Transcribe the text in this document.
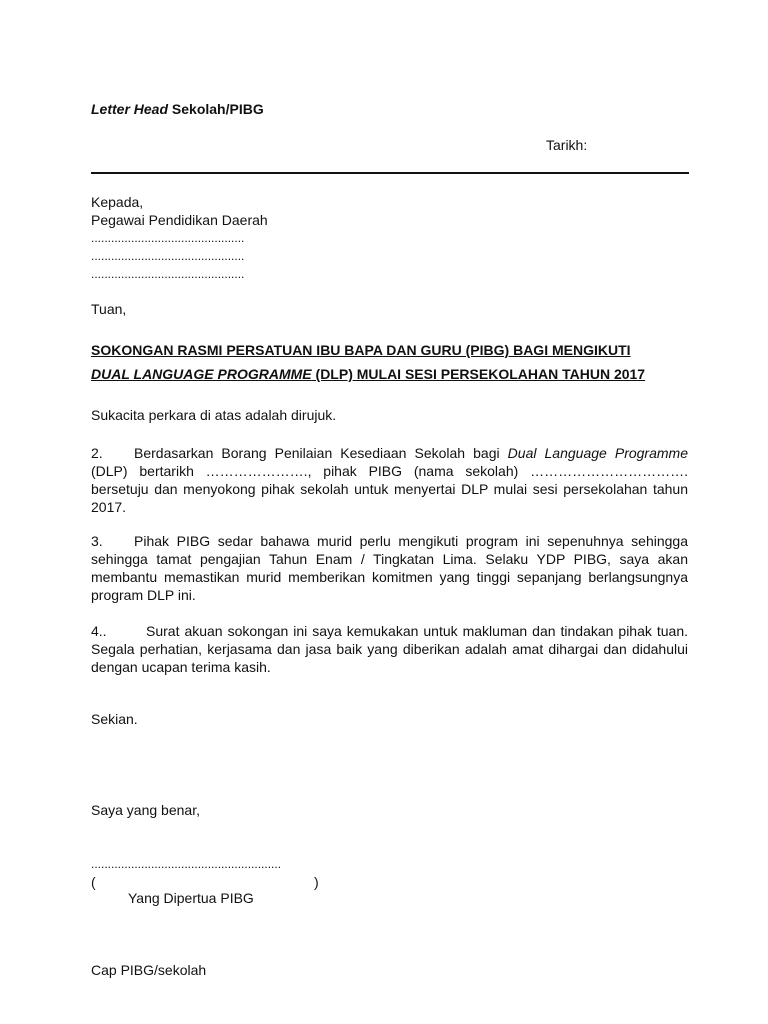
Letter Head Sekolah/PIBG
Tarikh:
Kepada,
Pegawai Pendidikan Daerah
..............................................
..............................................
..............................................
Tuan,
SOKONGAN RASMI PERSATUAN IBU BAPA DAN GURU (PIBG) BAGI MENGIKUTI
DUAL LANGUAGE PROGRAMME (DLP) MULAI SESI PERSEKOLAHAN TAHUN 2017
Sukacita perkara di atas adalah dirujuk.
2. Berdasarkan Borang Penilaian Kesediaan Sekolah bagi Dual Language Programme (DLP) bertarikh …………………., pihak PIBG (nama sekolah) ……………………………. bersetuju dan menyokong pihak sekolah untuk menyertai DLP mulai sesi persekolahan tahun 2017.
3. Pihak PIBG sedar bahawa murid perlu mengikuti program ini sepenuhnya sehingga sehingga tamat pengajian Tahun Enam / Tingkatan Lima. Selaku YDP PIBG, saya akan membantu memastikan murid memberikan komitmen yang tinggi sepanjang berlangsungnya program DLP ini.
4..	Surat akuan sokongan ini saya kemukakan untuk makluman dan tindakan pihak tuan. Segala perhatian, kerjasama dan jasa baik yang diberikan adalah amat dihargai dan didahului dengan ucapan terima kasih.
Sekian.
Saya yang benar,
.........................................................
(	)
Yang Dipertua PIBG
Cap PIBG/sekolah
